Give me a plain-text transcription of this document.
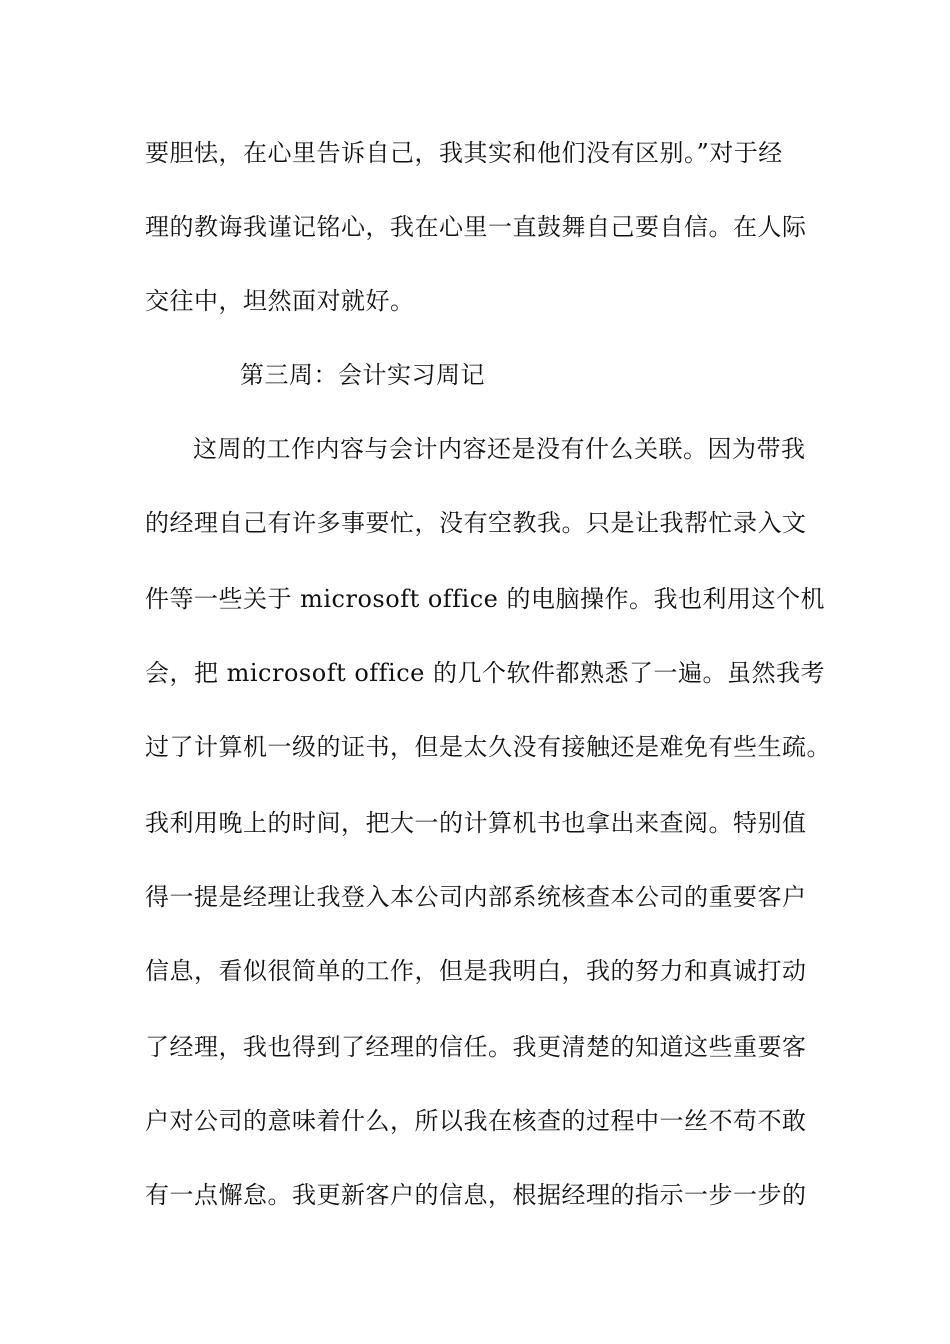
要胆怯，在心里告诉自己，我其实和他们没有区别。”对于经
理的教诲我谨记铭心，我在心里一直鼓舞自己要自信。在人际
交往中，坦然面对就好。
第三周：会计实习周记
这周的工作内容与会计内容还是没有什么关联。因为带我
的经理自己有许多事要忙，没有空教我。只是让我帮忙录入文
件等一些关于 microsoft office 的电脑操作。我也利用这个机
会，把 microsoft office 的几个软件都熟悉了一遍。虽然我考
过了计算机一级的证书，但是太久没有接触还是难免有些生疏。
我利用晚上的时间，把大一的计算机书也拿出来查阅。特别值
得一提是经理让我登入本公司内部系统核查本公司的重要客户
信息，看似很简单的工作，但是我明白，我的努力和真诚打动
了经理，我也得到了经理的信任。我更清楚的知道这些重要客
户对公司的意味着什么，所以我在核查的过程中一丝不苟不敢
有一点懈怠。我更新客户的信息，根据经理的指示一步一步的
